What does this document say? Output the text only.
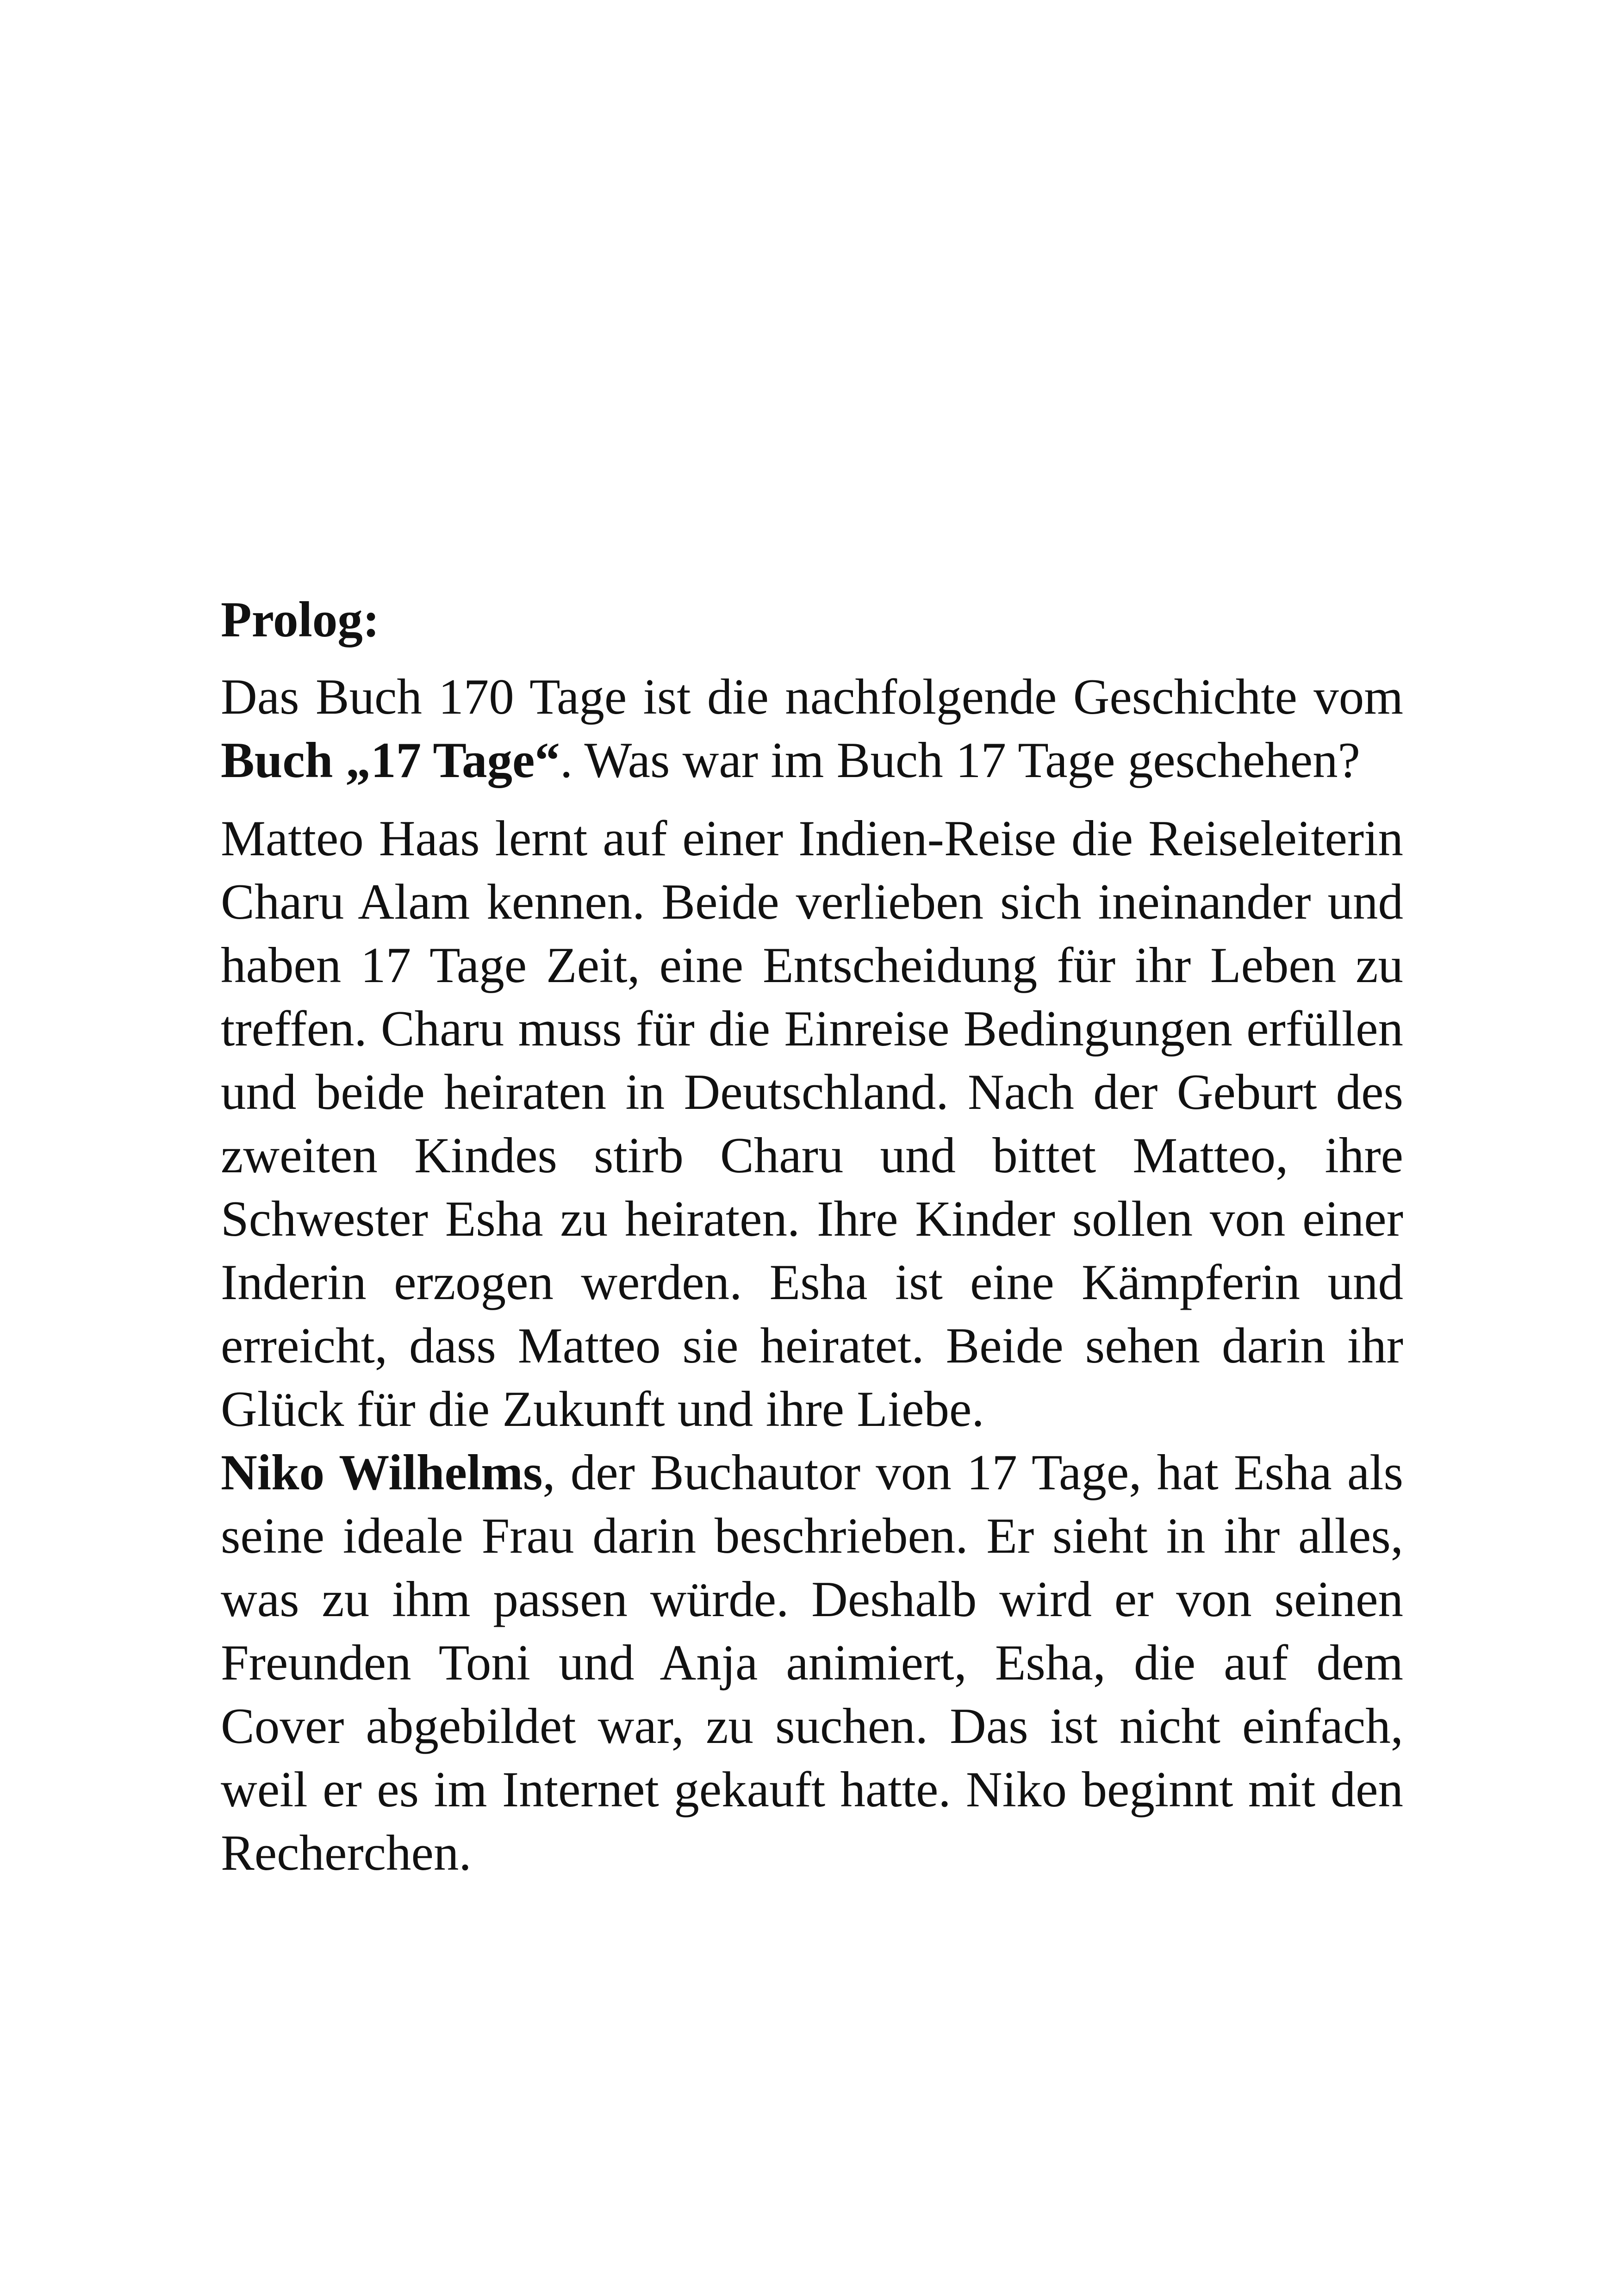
Prolog:

Das Buch 170 Tage ist die nachfolgende Geschichte vom Buch „17 Tage“. Was war im Buch 17 Tage geschehen?

Matteo Haas lernt auf einer Indien-Reise die Reiseleiterin Charu Alam kennen. Beide verlieben sich ineinander und haben 17 Tage Zeit, eine Entscheidung für ihr Leben zu treffen. Charu muss für die Einreise Bedingungen erfüllen und beide heiraten in Deutschland. Nach der Geburt des zweiten Kindes stirb Charu und bittet Matteo, ihre Schwester Esha zu heiraten. Ihre Kinder sollen von einer Inderin erzogen werden. Esha ist eine Kämpferin und erreicht, dass Matteo sie heiratet. Beide sehen darin ihr Glück für die Zukunft und ihre Liebe.

Niko Wilhelms, der Buchautor von 17 Tage, hat Esha als seine ideale Frau darin beschrieben. Er sieht in ihr alles, was zu ihm passen würde. Deshalb wird er von seinen Freunden Toni und Anja animiert, Esha, die auf dem Cover abgebildet war, zu suchen. Das ist nicht einfach, weil er es im Internet gekauft hatte. Niko beginnt mit den Recherchen.
